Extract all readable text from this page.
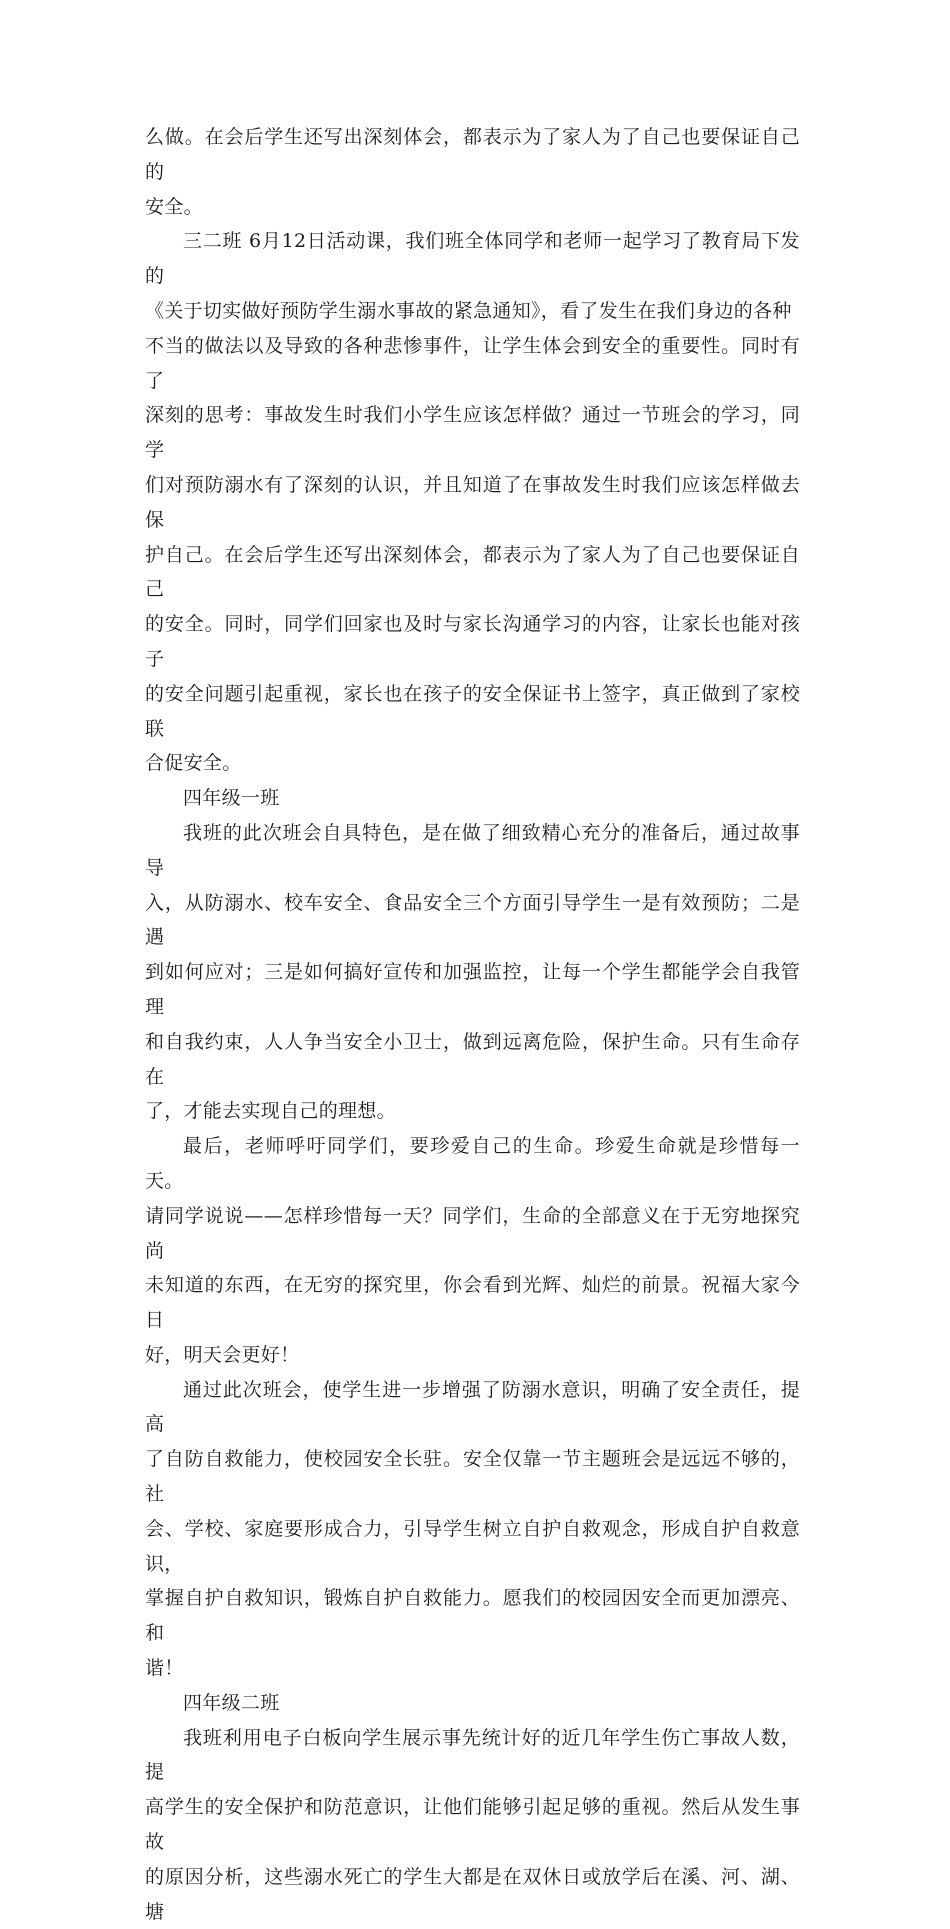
么做。在会后学生还写出深刻体会，都表示为了家人为了自己也要保证自己的
安全。
三二班 6月12日活动课，我们班全体同学和老师一起学习了教育局下发的
《关于切实做好预防学生溺水事故的紧急通知》，看了发生在我们身边的各种
不当的做法以及导致的各种悲惨事件，让学生体会到安全的重要性。同时有了
深刻的思考：事故发生时我们小学生应该怎样做？通过一节班会的学习，同学
们对预防溺水有了深刻的认识，并且知道了在事故发生时我们应该怎样做去保
护自己。在会后学生还写出深刻体会，都表示为了家人为了自己也要保证自己
的安全。同时，同学们回家也及时与家长沟通学习的内容，让家长也能对孩子
的安全问题引起重视，家长也在孩子的安全保证书上签字，真正做到了家校联
合促安全。
四年级一班
我班的此次班会自具特色，是在做了细致精心充分的准备后，通过故事导
入，从防溺水、校车安全、食品安全三个方面引导学生一是有效预防；二是遇
到如何应对；三是如何搞好宣传和加强监控，让每一个学生都能学会自我管理
和自我约束，人人争当安全小卫士，做到远离危险，保护生命。只有生命存在
了，才能去实现自己的理想。
最后，老师呼吁同学们，要珍爱自己的生命。珍爱生命就是珍惜每一天。
请同学说说——怎样珍惜每一天？同学们，生命的全部意义在于无穷地探究尚
未知道的东西，在无穷的探究里，你会看到光辉、灿烂的前景。祝福大家今日
好，明天会更好！
通过此次班会，使学生进一步增强了防溺水意识，明确了安全责任，提高
了自防自救能力，使校园安全长驻。安全仅靠一节主题班会是远远不够的，社
会、学校、家庭要形成合力，引导学生树立自护自救观念，形成自护自救意识，
掌握自护自救知识，锻炼自护自救能力。愿我们的校园因安全而更加漂亮、和
谐！
四年级二班
我班利用电子白板向学生展示事先统计好的近几年学生伤亡事故人数，提
高学生的安全保护和防范意识，让他们能够引起足够的重视。然后从发生事故
的原因分析，这些溺水死亡的学生大都是在双休日或放学后在溪、河、湖、塘
